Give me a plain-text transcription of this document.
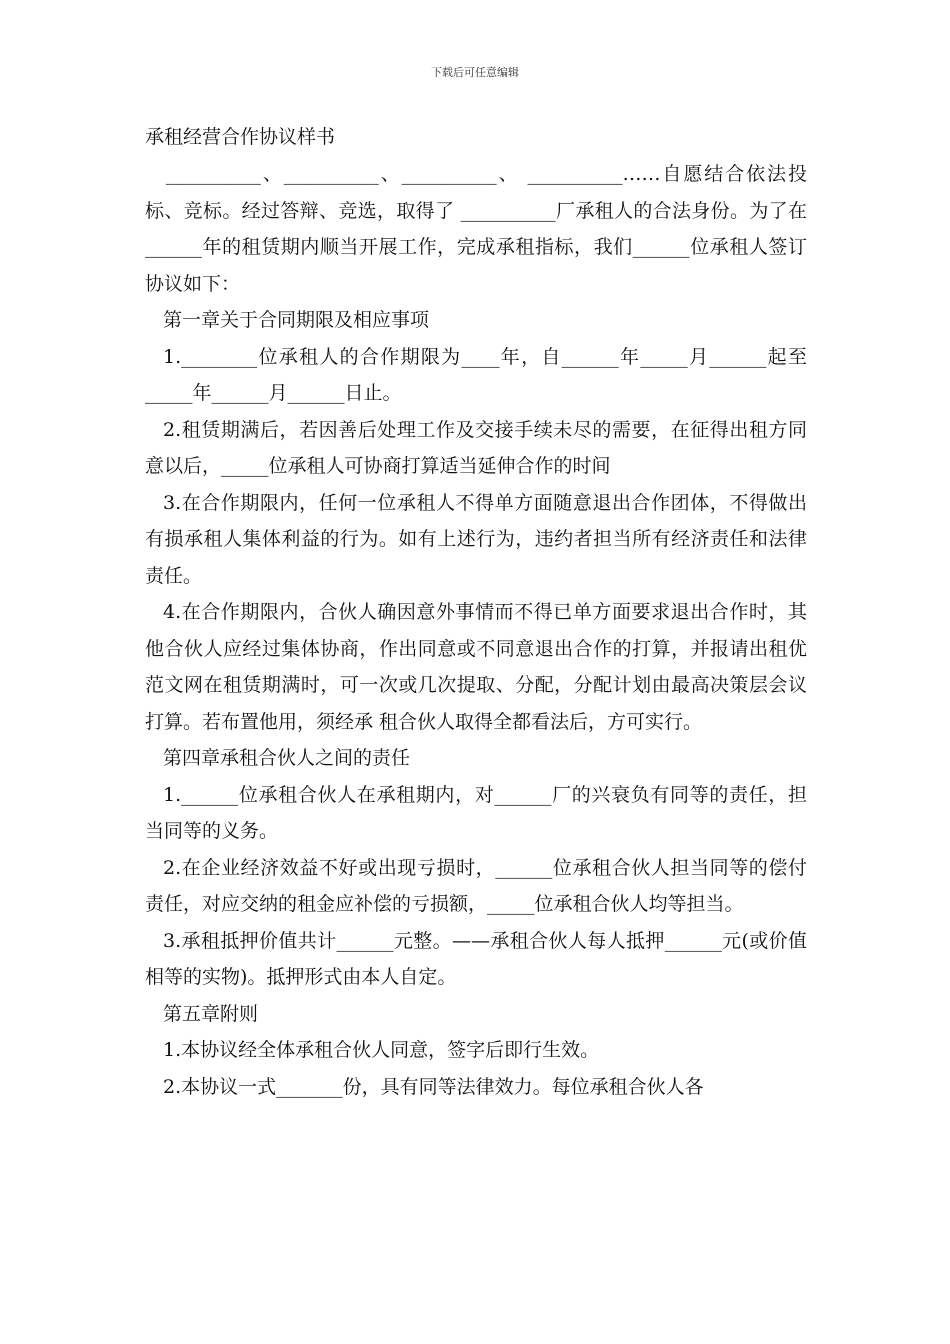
下载后可任意编辑

承租经营合作协议样书

__________、__________、__________、 __________……自愿结合依法投标、竞标。经过答辩、竞选，取得了 __________厂承租人的合法身份。为了在______年的租赁期内顺当开展工作，完成承租指标，我们______位承租人签订协议如下：

第一章关于合同期限及相应事项

1.________位承租人的合作期限为____年，自______年_____月______起至_____年______月______日止。

2.租赁期满后，若因善后处理工作及交接手续未尽的需要，在征得出租方同意以后，_____位承租人可协商打算适当延伸合作的时间

3.在合作期限内，任何一位承租人不得单方面随意退出合作团体，不得做出有损承租人集体利益的行为。如有上述行为，违约者担当所有经济责任和法律责任。

4.在合作期限内，合伙人确因意外事情而不得已单方面要求退出合作时，其他合伙人应经过集体协商，作出同意或不同意退出合作的打算，并报请出租优范文网在租赁期满时，可一次或几次提取、分配，分配计划由最高决策层会议打算。若布置他用，须经承 租合伙人取得全都看法后，方可实行。

第四章承租合伙人之间的责任

1.______位承租合伙人在承租期内，对______厂的兴衰负有同等的责任，担当同等的义务。

2.在企业经济效益不好或出现亏损时，______位承租合伙人担当同等的偿付责任，对应交纳的租金应补偿的亏损额，_____位承租合伙人均等担当。

3.承租抵押价值共计______元整。——承租合伙人每人抵押______元(或价值相等的实物)。抵押形式由本人自定。

第五章附则

1.本协议经全体承租合伙人同意，签字后即行生效。

2.本协议一式_______份，具有同等法律效力。每位承租合伙人各
